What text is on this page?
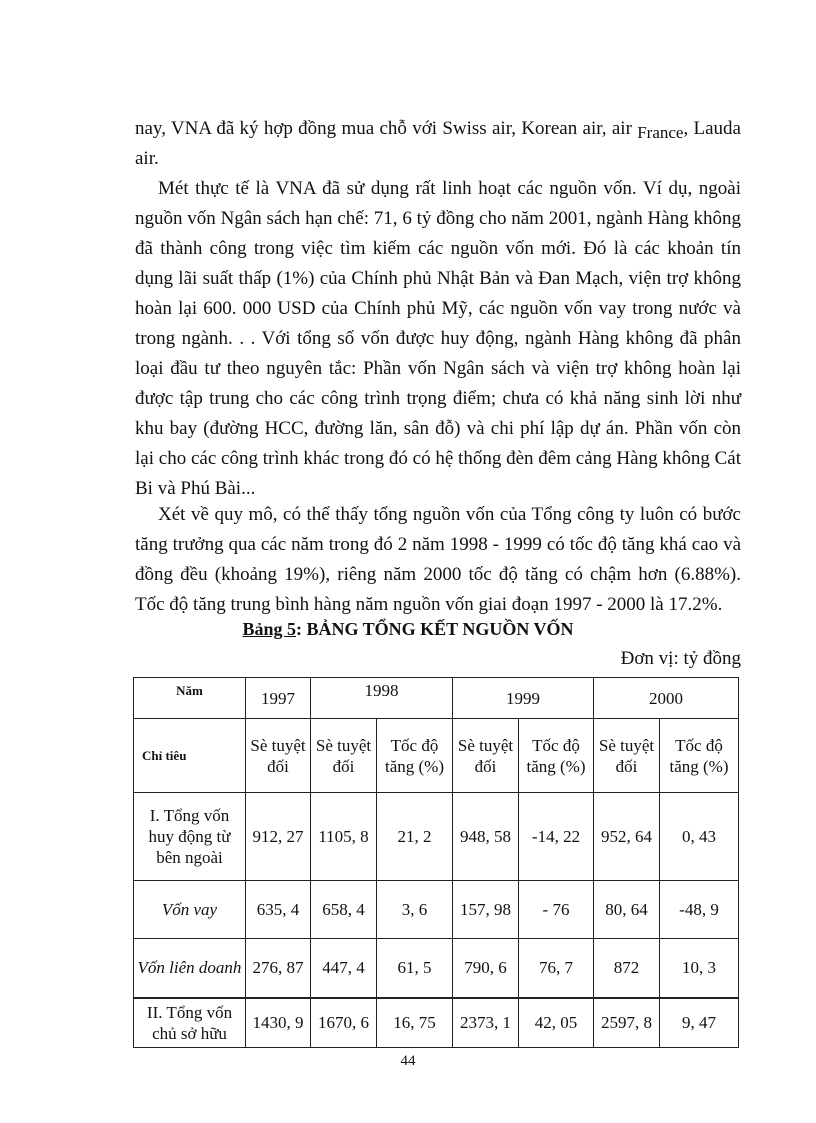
nay, VNA đã ký hợp đồng mua chỗ với Swiss air, Korean air, air France, Lauda air.

Mét thực tế là VNA đã sử dụng rất linh hoạt các nguồn vốn. Ví dụ, ngoài nguồn vốn Ngân sách hạn chế: 71, 6 tỷ đồng cho năm 2001, ngành Hàng không đã thành công trong việc tìm kiếm các nguồn vốn mới. Đó là các khoản tín dụng lãi suất thấp (1%) của Chính phủ Nhật Bản và Đan Mạch, viện trợ không hoàn lại 600. 000 USD của Chính phủ Mỹ, các nguồn vốn vay trong nước và trong ngành. . . Với tổng số vốn được huy động, ngành Hàng không đã phân loại đầu tư theo nguyên tắc: Phần vốn Ngân sách và viện trợ không hoàn lại được tập trung cho các công trình trọng điểm; chưa có khả năng sinh lời như khu bay (đường HCC, đường lăn, sân đỗ) và chi phí lập dự án. Phần vốn còn lại cho các công trình khác trong đó có hệ thống đèn đêm cảng Hàng không Cát Bi và Phú Bài...

Xét về quy mô, có thể thấy tổng nguồn vốn của Tổng công ty luôn có bước tăng trưởng qua các năm trong đó 2 năm 1998 - 1999 có tốc độ tăng khá cao và đồng đều (khoảng 19%), riêng năm 2000 tốc độ tăng có chậm hơn (6.88%). Tốc độ tăng trung bình hàng năm nguồn vốn giai đoạn 1997 - 2000 là 17.2%.

Bảng 5: BẢNG TỔNG KẾT NGUỒN VỐN
Đơn vị: tỷ đồng
Năm	1997	1998		1999		2000	
Chỉ tiêu	Sè tuyệt đối	Sè tuyệt đối	Tốc độ tăng (%)	Sè tuyệt đối	Tốc độ tăng (%)	Sè tuyệt đối	Tốc độ tăng (%)
I. Tổng vốn huy động từ bên ngoài	912, 27	1105, 8	21, 2	948, 58	-14, 22	952, 64	0, 43
Vốn vay	635, 4	658, 4	3, 6	157, 98	- 76	80, 64	-48, 9
Vốn liên doanh	276, 87	447, 4	61, 5	790, 6	76, 7	872	10, 3
II. Tổng vốn chủ sở hữu	1430, 9	1670, 6	16, 75	2373, 1	42, 05	2597, 8	9, 47
44
